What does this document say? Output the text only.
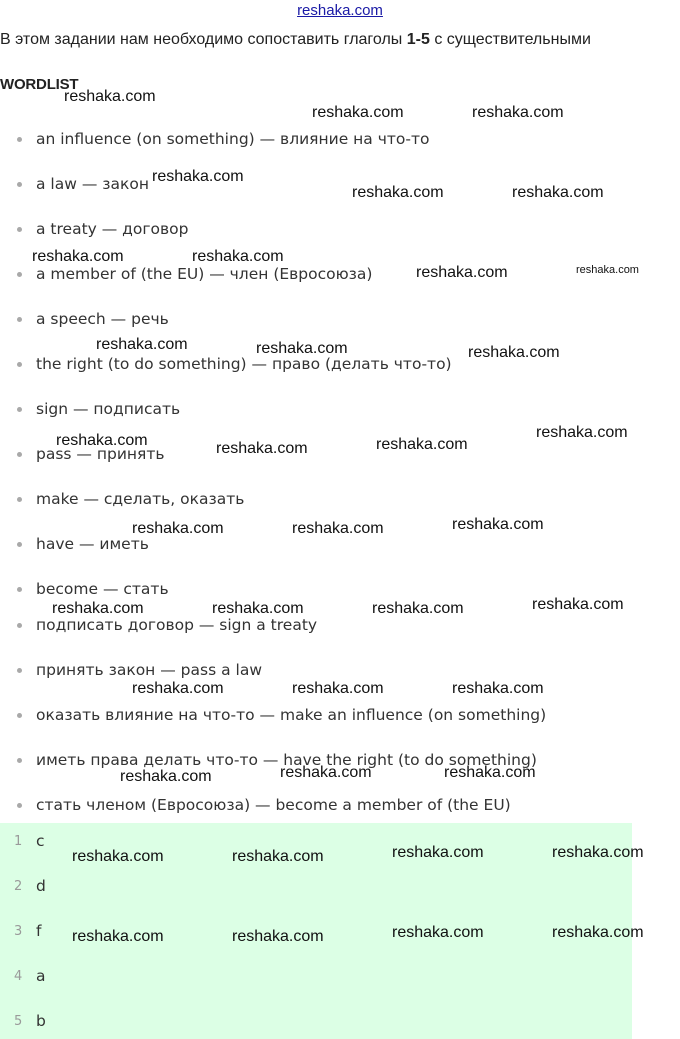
reshaka.com
В этом задании нам необходимо сопоставить глаголы 1-5 с существительными
WORDLIST
an influence (on something) — влияние на что-то
a law — закон
a treaty — договор
a member of (the EU) — член (Евросоюза)
a speech — речь
the right (to do something) — право (делать что-то)
sign — подписать
pass — принять
make — сделать, оказать
have — иметь
become — стать
подписать договор — sign a treaty
принять закон — pass a law
оказать влияние на что-то — make an influence (on something)
иметь права делать что-то — have the right (to do something)
стать членом (Евросоюза) — become a member of (the EU)
1 c
2 d
3 f
4 a
5 b
reshaka.com
reshaka.com	reshaka.com
reshaka.com
reshaka.com	reshaka.com
reshaka.com	reshaka.com
reshaka.com	reshaka.com
reshaka.com	reshaka.com	reshaka.com
reshaka.com	reshaka.com	reshaka.com
reshaka.com
reshaka.com	reshaka.com	reshaka.com
reshaka.com	reshaka.com	reshaka.com	reshaka.com
reshaka.com	reshaka.com	reshaka.com
reshaka.com	reshaka.com	reshaka.com
reshaka.com	reshaka.com	reshaka.com	reshaka.com
reshaka.com	reshaka.com	reshaka.com	reshaka.com
